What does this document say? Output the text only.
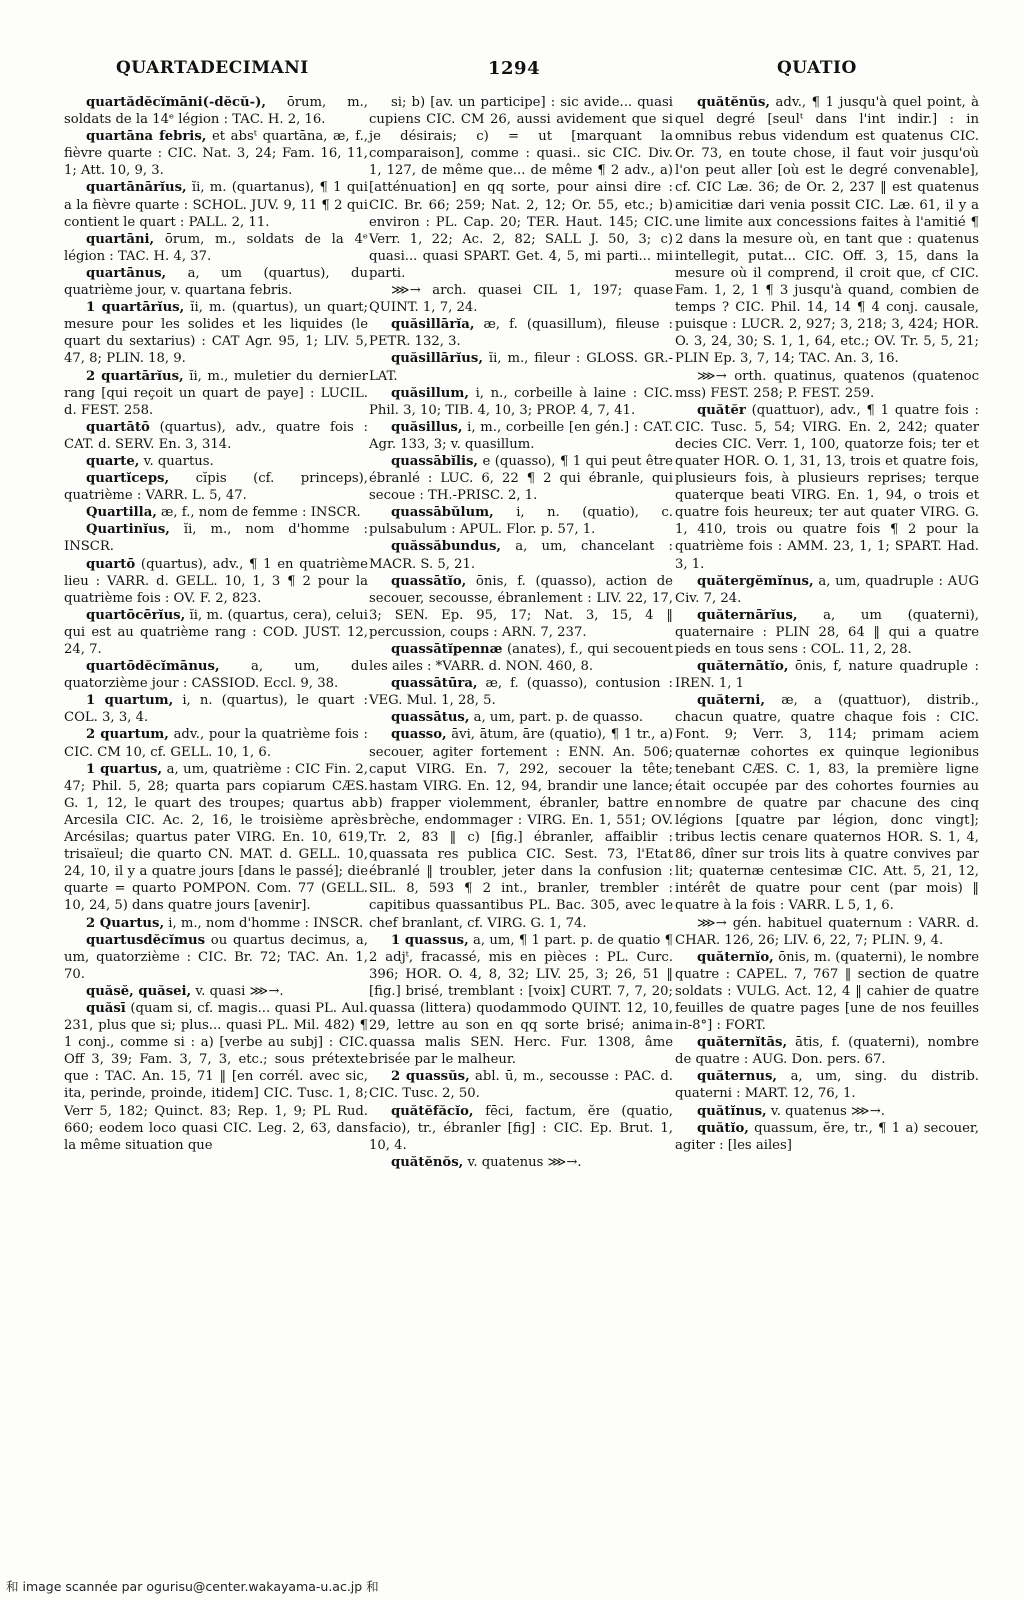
QUARTADECIMANI	1294	QUATIO

quartădĕcĭmāni(-dĕcŭ-), ōrum, m., soldats de la 14ᵉ légion : TAC. H. 2, 16.

quartāna febris, et absᵗ quartāna, æ, f., fièvre quarte : CIC. Nat. 3, 24; Fam. 16, 11, 1; Att. 10, 9, 3.

quartānārĭus, ĭi, m. (quartanus), ¶ 1 qui a la fièvre quarte : SCHOL. JUV. 9, 11 ¶ 2 qui contient le quart : PALL. 2, 11.

quartāni, ōrum, m., soldats de la 4ᵉ légion : TAC. H. 4, 37.

quartānus, a, um (quartus), du quatrième jour, v. quartana febris.

1 quartārĭus, ĭi, m. (quartus), un quart; mesure pour les solides et les liquides (le quart du sextarius) : CAT Agr. 95, 1; LIV. 5, 47, 8; PLIN. 18, 9.

2 quartārĭus, ĭi, m., muletier du dernier rang [qui reçoit un quart de paye] : LUCIL. d. FEST. 258.

quartātō (quartus), adv., quatre fois : CAT. d. SERV. En. 3, 314.

quarte, v. quartus.

quartĭceps, cĭpis (cf. princeps), quatrième : VARR. L. 5, 47.

Quartilla, æ, f., nom de femme : INSCR.

Quartinĭus, ĭi, m., nom d'homme : INSCR.

quartō (quartus), adv., ¶ 1 en quatrième lieu : VARR. d. GELL. 10, 1, 3 ¶ 2 pour la quatrième fois : OV. F. 2, 823.

quartōcērĭus, ĭi, m. (quartus, cera), celui qui est au quatrième rang : COD. JUST. 12, 24, 7.

quartōdĕcĭmānus, a, um, du quatorzième jour : CASSIOD. Eccl. 9, 38.

1 quartum, i, n. (quartus), le quart : COL. 3, 3, 4.

2 quartum, adv., pour la quatrième fois : CIC. CM 10, cf. GELL. 10, 1, 6.

1 quartus, a, um, quatrième : CIC Fin. 2, 47; Phil. 5, 28; quarta pars copiarum CÆS. G. 1, 12, le quart des troupes; quartus ab Arcesila CIC. Ac. 2, 16, le troisième après Arcésilas; quartus pater VIRG. En. 10, 619, trisaïeul; die quarto CN. MAT. d. GELL. 10, 24, 10, il y a quatre jours [dans le passé]; die quarte = quarto POMPON. Com. 77 (GELL. 10, 24, 5) dans quatre jours [avenir].

2 Quartus, i, m., nom d'homme : INSCR.

quartusdĕcĭmus ou quartus decimus, a, um, quatorzième : CIC. Br. 72; TAC. An. 1, 70.

quăsĕ, quăsei, v. quasi ⋙→.

quăsī (quam si, cf. magis... quasi PL. Aul. 231, plus que si; plus... quasi PL. Mil. 482) ¶ 1 conj., comme si : a) [verbe au subj] : CIC. Off 3, 39; Fam. 3, 7, 3, etc.; sous prétexte que : TAC. An. 15, 71 ‖ [en corrél. avec sic, ita, perinde, proinde, itidem] CIC. Tusc. 1, 8; Verr 5, 182; Quinct. 83; Rep. 1, 9; PL Rud. 660; eodem loco quasi CIC. Leg. 2, 63, dans la même situation que

si; b) [av. un participe] : sic avide... quasi cupiens CIC. CM 26, aussi avidement que si je désirais; c) = ut [marquant la comparaison], comme : quasi.. sic CIC. Div. 1, 127, de même que... de même ¶ 2 adv., a) [atténuation] en qq sorte, pour ainsi dire : CIC. Br. 66; 259; Nat. 2, 12; Or. 55, etc.; b) environ : PL. Cap. 20; TER. Haut. 145; CIC. Verr. 1, 22; Ac. 2, 82; SALL J. 50, 3; c) quasi... quasi SPART. Get. 4, 5, mi parti... mi parti.

⋙→ arch. quasei CIL 1, 197; quase QUINT. 1, 7, 24.

quăsillārĭa, æ, f. (quasillum), fileuse : PETR. 132, 3.

quăsillārĭus, ĭi, m., fileur : GLOSS. GR.-LAT.

quăsillum, i, n., corbeille à laine : CIC. Phil. 3, 10; TIB. 4, 10, 3; PROP. 4, 7, 41.

quăsillus, i, m., corbeille [en gén.] : CAT. Agr. 133, 3; v. quasillum.

quassābĭlis, e (quasso), ¶ 1 qui peut être ébranlé : LUC. 6, 22 ¶ 2 qui ébranle, qui secoue : TH.-PRISC. 2, 1.

quassābŭlum, i, n. (quatio), c. pulsabulum : APUL. Flor. p. 57, 1.

quăssăbundus, a, um, chancelant : MACR. S. 5, 21.

quassātĭo, ōnis, f. (quasso), action de secouer, secousse, ébranlement : LIV. 22, 17, 3; SEN. Ep. 95, 17; Nat. 3, 15, 4 ‖ percussion, coups : ARN. 7, 237.

quassātĭpennæ (anates), f., qui secouent les ailes : *VARR. d. NON. 460, 8.

quassātūra, æ, f. (quasso), contusion : VEG. Mul. 1, 28, 5.

quassātus, a, um, part. p. de quasso.

quasso, āvi, ātum, āre (quatio), ¶ 1 tr., a) secouer, agiter fortement : ENN. An. 506; caput VIRG. En. 7, 292, secouer la tête; hastam VIRG. En. 12, 94, brandir une lance; b) frapper violemment, ébranler, battre en brèche, endommager : VIRG. En. 1, 551; OV. Tr. 2, 83 ‖ c) [fig.] ébranler, affaiblir : quassata res publica CIC. Sest. 73, l'Etat ébranlé ‖ troubler, jeter dans la confusion : SIL. 8, 593 ¶ 2 int., branler, trembler : capitibus quassantibus PL. Bac. 305, avec le chef branlant, cf. VIRG. G. 1, 74.

1 quassus, a, um, ¶ 1 part. p. de quatio ¶ 2 adjᵗ, fracassé, mis en pièces : PL. Curc. 396; HOR. O. 4, 8, 32; LIV. 25, 3; 26, 51 ‖ [fig.] brisé, tremblant : [voix] CURT. 7, 7, 20; quassa (littera) quodammodo QUINT. 12, 10, 29, lettre au son en qq sorte brisé; anima quassa malis SEN. Herc. Fur. 1308, âme brisée par le malheur.

2 quassŭs, abl. ū, m., secousse : PAC. d. CIC. Tusc. 2, 50.

quătĕfăcĭo, fēci, factum, ĕre (quatio, facio), tr., ébranler [fig] : CIC. Ep. Brut. 1, 10, 4.

quătĕnŏs, v. quatenus ⋙→.

quătĕnŭs, adv., ¶ 1 jusqu'à quel point, à quel degré [seulᵗ dans l'int indir.] : in omnibus rebus videndum est quatenus CIC. Or. 73, en toute chose, il faut voir jusqu'où l'on peut aller [où est le degré convenable], cf. CIC Læ. 36; de Or. 2, 237 ‖ est quatenus amicitiæ dari venia possit CIC. Læ. 61, il y a une limite aux concessions faites à l'amitié ¶ 2 dans la mesure où, en tant que : quatenus intellegit, putat... CIC. Off. 3, 15, dans la mesure où il comprend, il croit que, cf CIC. Fam. 1, 2, 1 ¶ 3 jusqu'à quand, combien de temps ? CIC. Phil. 14, 14 ¶ 4 conj. causale, puisque : LUCR. 2, 927; 3, 218; 3, 424; HOR. O. 3, 24, 30; S. 1, 1, 64, etc.; OV. Tr. 5, 5, 21; PLIN Ep. 3, 7, 14; TAC. An. 3, 16.

⋙→ orth. quatinus, quatenos (quatenoc mss) FEST. 258; P. FEST. 259.

quătĕr (quattuor), adv., ¶ 1 quatre fois : CIC. Tusc. 5, 54; VIRG. En. 2, 242; quater decies CIC. Verr. 1, 100, quatorze fois; ter et quater HOR. O. 1, 31, 13, trois et quatre fois, plusieurs fois, à plusieurs reprises; terque quaterque beati VIRG. En. 1, 94, o trois et quatre fois heureux; ter aut quater VIRG. G. 1, 410, trois ou quatre fois ¶ 2 pour la quatrième fois : AMM. 23, 1, 1; SPART. Had. 3, 1.

quătergĕmĭnus, a, um, quadruple : AUG Civ. 7, 24.

quăternārĭus, a, um (quaterni), quaternaire : PLIN 28, 64 ‖ qui a quatre pieds en tous sens : COL. 11, 2, 28.

quăternātĭo, ōnis, f, nature quadruple : IREN. 1, 1

quăterni, æ, a (quattuor), distrib., chacun quatre, quatre chaque fois : CIC. Font. 9; Verr. 3, 114; primam aciem quaternæ cohortes ex quinque legionibus tenebant CÆS. C. 1, 83, la première ligne était occupée par des cohortes fournies au nombre de quatre par chacune des cinq légions [quatre par légion, donc vingt]; tribus lectis cenare quaternos HOR. S. 1, 4, 86, dîner sur trois lits à quatre convives par lit; quaternæ centesimæ CIC. Att. 5, 21, 12, intérêt de quatre pour cent (par mois) ‖ quatre à la fois : VARR. L 5, 1, 6.

⋙→ gén. habituel quaternum : VARR. d. CHAR. 126, 26; LIV. 6, 22, 7; PLIN. 9, 4.

quăternĭo, ōnis, m. (quaterni), le nombre quatre : CAPEL. 7, 767 ‖ section de quatre soldats : VULG. Act. 12, 4 ‖ cahier de quatre feuilles de quatre pages [une de nos feuilles in-8°] : FORT.

quăternĭtās, ātis, f. (quaterni), nombre de quatre : AUG. Don. pers. 67.

quăternus, a, um, sing. du distrib. quaterni : MART. 12, 76, 1.

quătĭnus, v. quatenus ⋙→.

quătĭo, quassum, ĕre, tr., ¶ 1 a) secouer, agiter : [les ailes]

和 image scannée par ogurisu@center.wakayama-u.ac.jp 和
